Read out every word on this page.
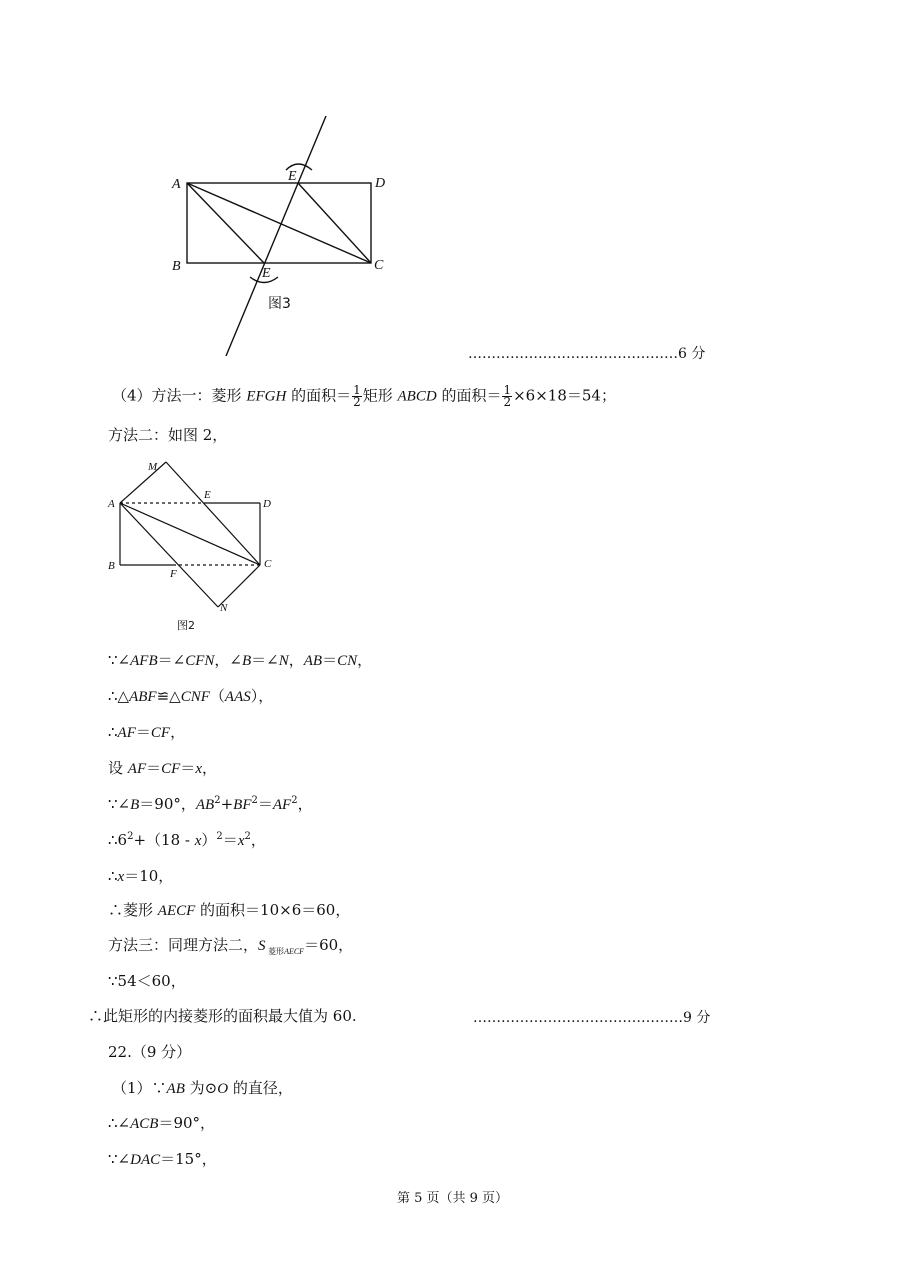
A	D
B	C
E
E
图3
………………………………………6 分
（4）方法一：菱形 EFGH 的面积＝ $\frac{1}{2}$ 矩形 ABCD 的面积＝ $\frac{1}{2} \times 6\times 18=54$；
方法二：如图 2，
M
A
E
D
B
F
C
N
图2
∵∠AFB＝∠CFN，∠B＝∠N，AB＝CN，
∴△ABF≌△CNF（AAS），
∴AF＝CF，
设 AF＝CF＝x，
∵∠B＝90°，$AB^2+BF^2=AF^2$，
$\therefore 6^2+(18 - x)^2=x^2$，
∴x＝10，
∴菱形 AECF 的面积＝10×6＝60，
方法三：同理方法二，S $_{菱形AECF}$＝60，
∵54＜60，
∴此矩形的内接菱形的面积最大值为 60.	………………………………………9 分
22.（9 分）
（1）∵AB 为⊙O 的直径，
∴∠ACB＝90°，
∵∠DAC＝15°，
第 5 页（共 9 页）
